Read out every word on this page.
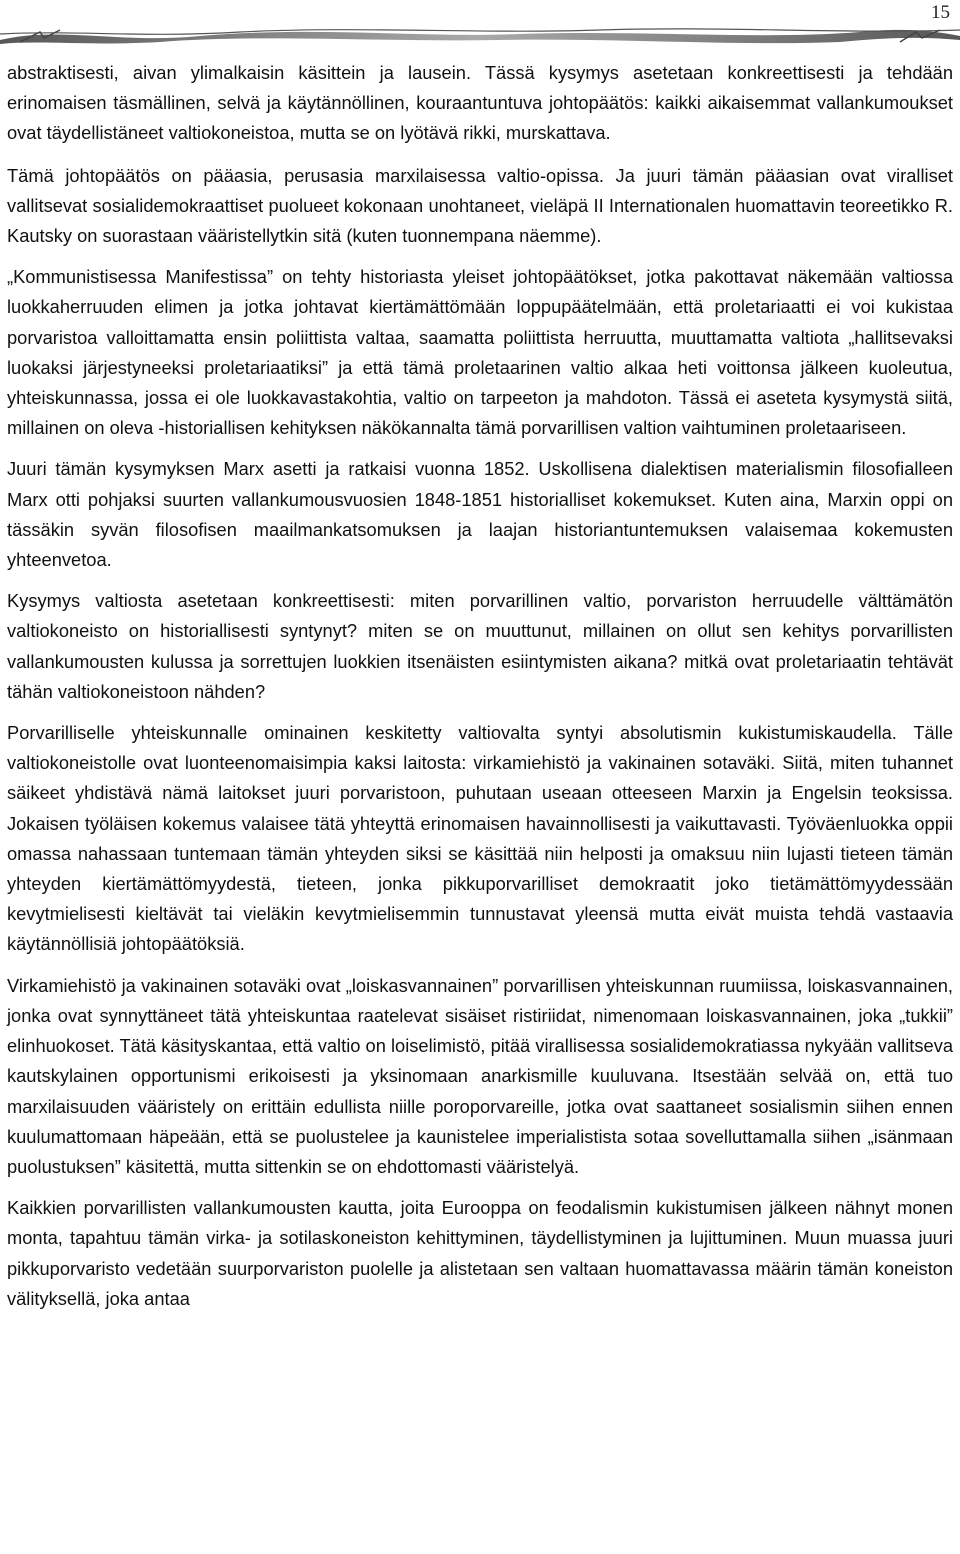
15

abstraktisesti, aivan ylimalkaisin käsittein ja lausein. Tässä kysymys asetetaan konkreettisesti ja tehdään erinomaisen täsmällinen, selvä ja käytännöllinen, kouraantuntuva johtopäätös: kaikki aikaisemmat vallankumoukset ovat täydellistäneet valtiokoneistoa, mutta se on lyötävä rikki, murskattava.

Tämä johtopäätös on pääasia, perusasia marxilaisessa valtio-opissa. Ja juuri tämän pääasian ovat viralliset vallitsevat sosialidemokraattiset puolueet kokonaan unohtaneet, vieläpä II Internationalen huomattavin teoreetikko R. Kautsky on suorastaan vääristellytkin sitä (kuten tuonnempana näemme).

„Kommunistisessa Manifestissa” on tehty historiasta yleiset johtopäätökset, jotka pakottavat näkemään valtiossa luokkaherruuden elimen ja jotka johtavat kiertämättömään loppupäätelmään, että proletariaatti ei voi kukistaa porvaristoa valloittamatta ensin poliittista valtaa, saamatta poliittista herruutta, muuttamatta valtiota „hallitsevaksi luokaksi järjestyneeksi proletariaatiksi” ja että tämä proletaarinen valtio alkaa heti voittonsa jälkeen kuoleutua, yhteiskunnassa, jossa ei ole luokkavastakohtia, valtio on tarpeeton ja mahdoton. Tässä ei aseteta kysymystä siitä, millainen on oleva -historiallisen kehityksen näkökannalta tämä porvarillisen valtion vaihtuminen proletaariseen.

Juuri tämän kysymyksen Marx asetti ja ratkaisi vuonna 1852. Uskollisena dialektisen materialismin filosofialleen Marx otti pohjaksi suurten vallankumousvuosien 1848-1851 historialliset kokemukset. Kuten aina, Marxin oppi on tässäkin syvän filosofisen maailmankatsomuksen ja laajan historiantuntemuksen valaisemaa kokemusten yhteenvetoa.

Kysymys valtiosta asetetaan konkreettisesti: miten porvarillinen valtio, porvariston herruudelle välttämätön valtiokoneisto on historiallisesti syntynyt? miten se on muuttunut, millainen on ollut sen kehitys porvarillisten vallankumousten kulussa ja sorrettujen luokkien itsenäisten esiintymisten aikana? mitkä ovat proletariaatin tehtävät tähän valtiokoneistoon nähden?

Porvarilliselle yhteiskunnalle ominainen keskitetty valtiovalta syntyi absolutismin kukistumiskaudella. Tälle valtiokoneistolle ovat luonteenomaisimpia kaksi laitosta: virkamiehistö ja vakinainen sotaväki. Siitä, miten tuhannet säikeet yhdistävä nämä laitokset juuri porvaristoon, puhutaan useaan otteeseen Marxin ja Engelsin teoksissa. Jokaisen työläisen kokemus valaisee tätä yhteyttä erinomaisen havainnollisesti ja vaikuttavasti. Työväenluokka oppii omassa nahassaan tuntemaan tämän yhteyden siksi se käsittää niin helposti ja omaksuu niin lujasti tieteen tämän yhteyden kiertämättömyydestä, tieteen, jonka pikkuporvarilliset demokraatit joko tietämättömyydessään kevytmielisesti kieltävät tai vieläkin kevytmielisemmin tunnustavat yleensä mutta eivät muista tehdä vastaavia käytännöllisiä johtopäätöksiä.

Virkamiehistö ja vakinainen sotaväki ovat „loiskasvannainen” porvarillisen yhteiskunnan ruumiissa, loiskasvannainen, jonka ovat synnyttäneet tätä yhteiskuntaa raatelevat sisäiset ristiriidat, nimenomaan loiskasvannainen, joka „tukkii” elinhuokoset. Tätä käsityskantaa, että valtio on loiselimistö, pitää virallisessa sosialidemokratiassa nykyään vallitseva kautskylainen opportunismi erikoisesti ja yksinomaan anarkismille kuuluvana. Itsestään selvää on, että tuo marxilaisuuden vääristely on erittäin edullista niille poroporvareille, jotka ovat saattaneet sosialismin siihen ennen kuulumattomaan häpeään, että se puolustelee ja kaunistelee imperialistista sotaa sovelluttamalla siihen „isänmaan puolustuksen” käsitettä, mutta sittenkin se on ehdottomasti vääristelyä.

Kaikkien porvarillisten vallankumousten kautta, joita Eurooppa on feodalismin kukistumisen jälkeen nähnyt monen monta, tapahtuu tämän virka- ja sotilaskoneiston kehittyminen, täydellistyminen ja lujittuminen. Muun muassa juuri pikkuporvaristo vedetään suurporvariston puolelle ja alistetaan sen valtaan huomattavassa määrin tämän koneiston välityksellä, joka antaa
